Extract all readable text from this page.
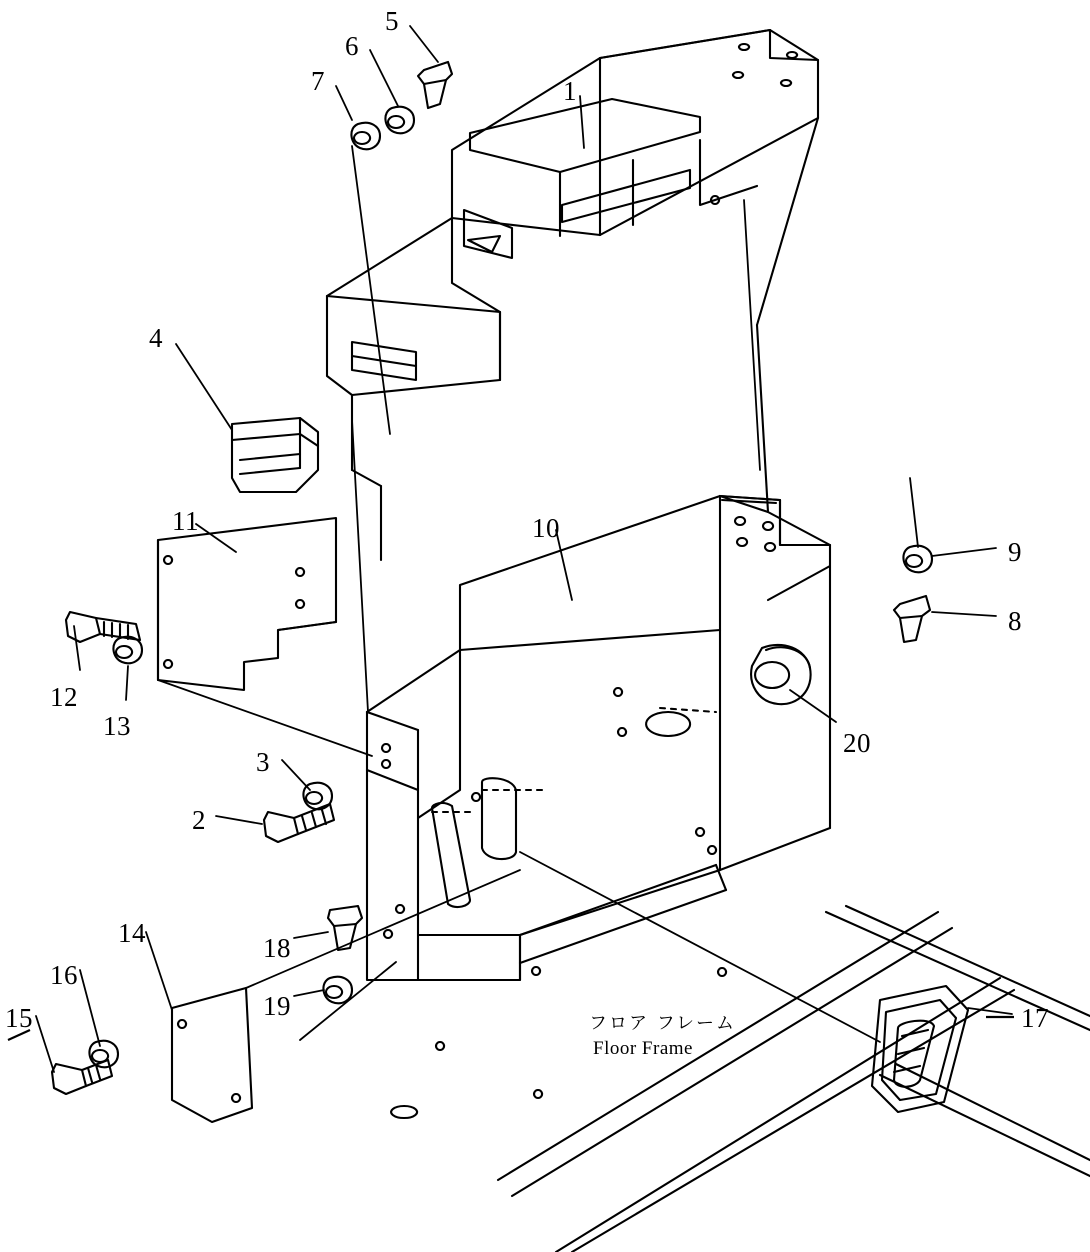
5
6
7	1
4
11	10
9
8
12
13
20
3
2
14	18
16
19
15	17
フロア フレーム
Floor Frame
